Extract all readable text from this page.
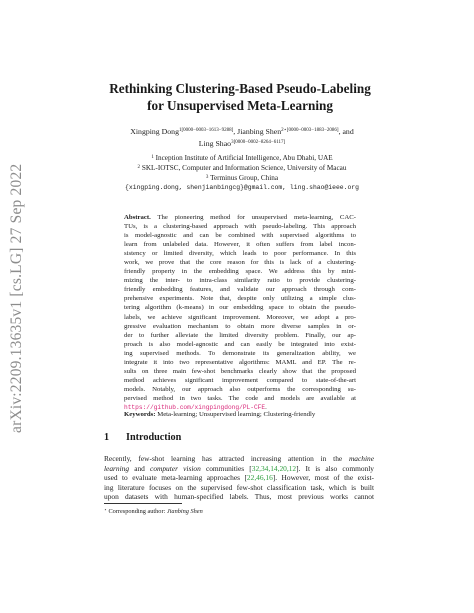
arXiv:2209.13635v1 [cs.LG] 27 Sep 2022
Rethinking Clustering-Based Pseudo-Labeling
for Unsupervised Meta-Learning
Xingping Dong$^{1[0000-0003-1613-9288]}$, Jianbing Shen$^{2⋆[0000-0003-1883-2086]}$, and
Ling Shao$^{3[0000-0002-8264-6117]}$
$^1$ Inception Institute of Artificial Intelligence, Abu Dhabi, UAE
$^2$ SKL-IOTSC, Computer and Information Science, University of Macau
$^3$ Terminus Group, China
{xingping.dong, shenjianbingcg}@gmail.com, ling.shao@ieee.org
Abstract. The pioneering method for unsupervised meta-learning, CAC-
TUs, is a clustering-based approach with pseudo-labeling. This approach
is model-agnostic and can be combined with supervised algorithms to
learn from unlabeled data. However, it often suffers from label incon-
sistency or limited diversity, which leads to poor performance. In this
work, we prove that the core reason for this is lack of a clustering-
friendly property in the embedding space. We address this by mini-
mizing the inter- to intra-class similarity ratio to provide clustering-
friendly embedding features, and validate our approach through com-
prehensive experiments. Note that, despite only utilizing a simple clus-
tering algorithm (k-means) in our embedding space to obtain the pseudo-
labels, we achieve significant improvement. Moreover, we adopt a pro-
gressive evaluation mechanism to obtain more diverse samples in or-
der to further alleviate the limited diversity problem. Finally, our ap-
proach is also model-agnostic and can easily be integrated into exist-
ing supervised methods. To demonstrate its generalization ability, we
integrate it into two representative algorithms: MAML and EP. The re-
sults on three main few-shot benchmarks clearly show that the proposed
method achieves significant improvement compared to state-of-the-art
models. Notably, our approach also outperforms the corresponding su-
pervised method in two tasks. The code and models are available at
https://github.com/xingpingdong/PL-CFE.
Keywords: Meta-learning; Unsupervised learning; Clustering-friendly
1 Introduction
Recently, few-shot learning has attracted increasing attention in the machine
learning and computer vision communities [32,34,14,20,12]. It is also commonly
used to evaluate meta-learning approaches [22,46,16]. However, most of the exist-
ing literature focuses on the supervised few-shot classification task, which is built
upon datasets with human-specified labels. Thus, most previous works cannot
⋆ Corresponding author: Jianbing Shen
